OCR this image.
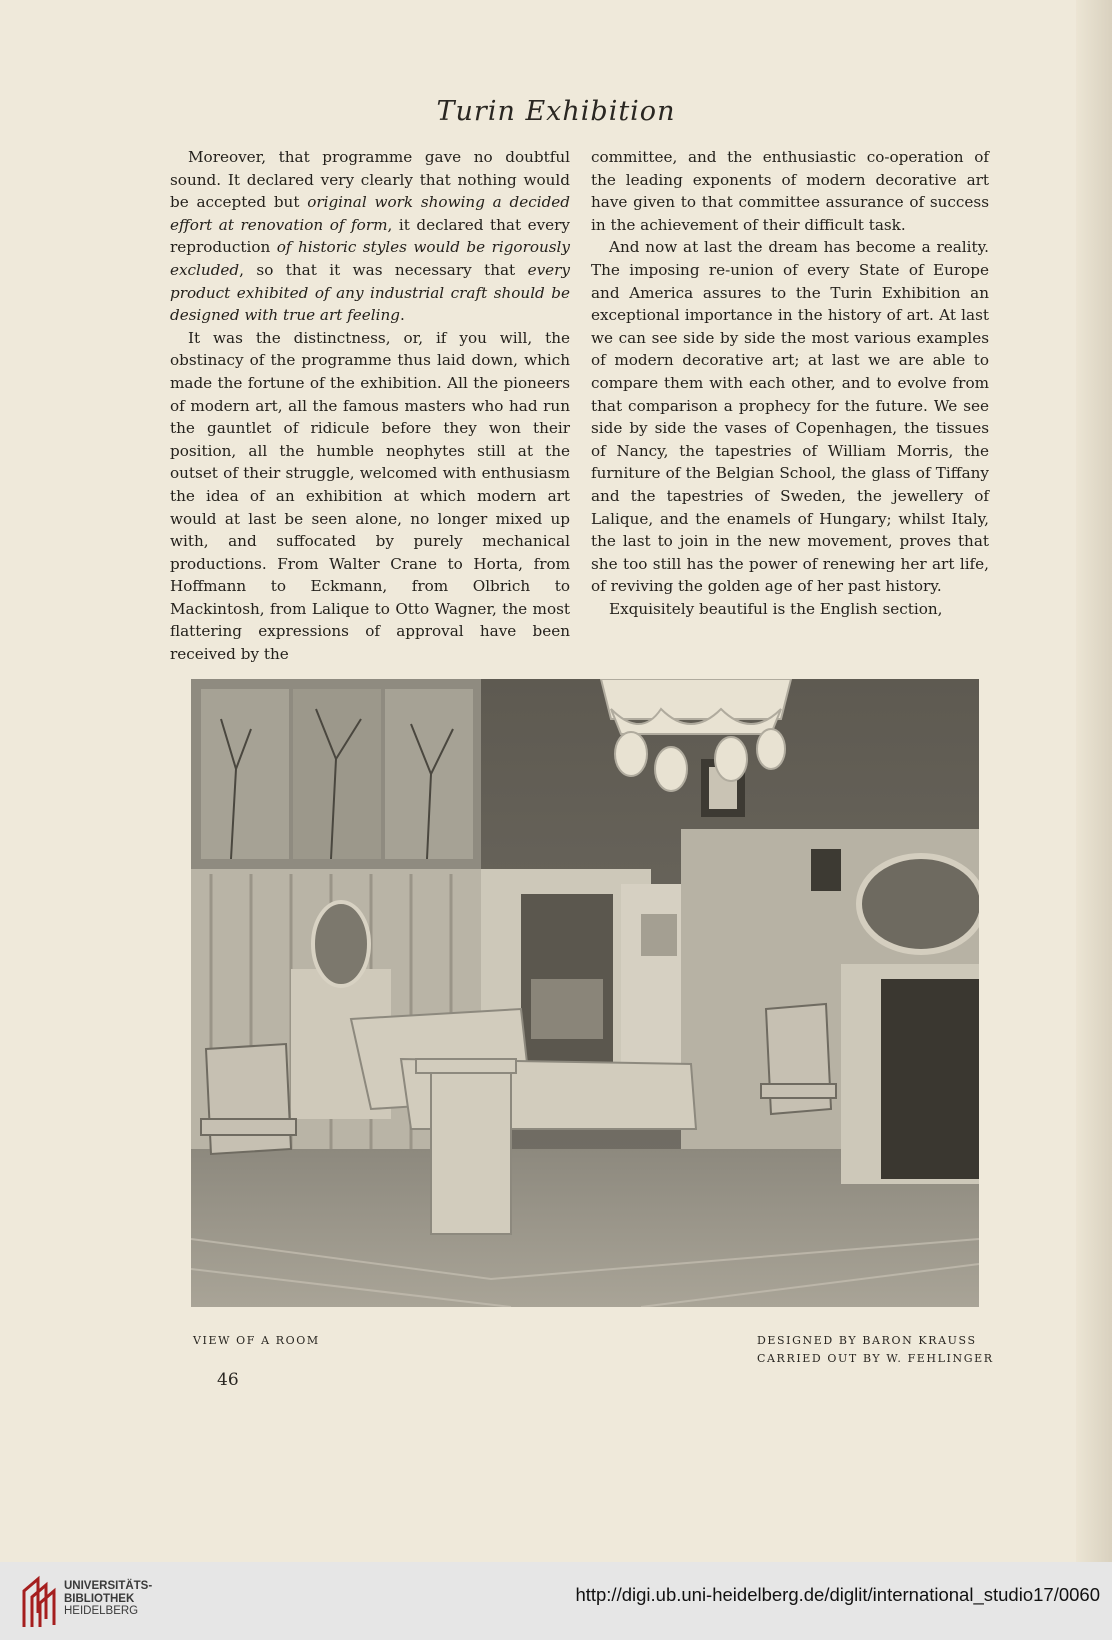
Turin Exhibition

Moreover, that programme gave no doubtful sound. It declared very clearly that nothing would be accepted but original work showing a decided effort at renovation of form, it declared that every reproduction of historic styles would be rigorously excluded, so that it was necessary that every product exhibited of any industrial craft should be designed with true art feeling.

It was the distinctness, or, if you will, the obstinacy of the programme thus laid down, which made the fortune of the exhibition. All the pioneers of modern art, all the famous masters who had run the gauntlet of ridicule before they won their position, all the humble neophytes still at the outset of their struggle, welcomed with enthusiasm the idea of an exhibition at which modern art would at last be seen alone, no longer mixed up with, and suffocated by purely mechanical productions. From Walter Crane to Horta, from Hoffmann to Eckmann, from Olbrich to Mackintosh, from Lalique to Otto Wagner, the most flattering expressions of approval have been received by the

committee, and the enthusiastic co-operation of the leading exponents of modern decorative art have given to that committee assurance of success in the achievement of their difficult task.

And now at last the dream has become a reality. The imposing re-union of every State of Europe and America assures to the Turin Exhibition an exceptional importance in the history of art. At last we can see side by side the most various examples of modern decorative art; at last we are able to compare them with each other, and to evolve from that comparison a prophecy for the future. We see side by side the vases of Copenhagen, the tissues of Nancy, the tapestries of William Morris, the furniture of the Belgian School, the glass of Tiffany and the tapestries of Sweden, the jewellery of Lalique, and the enamels of Hungary; whilst Italy, the last to join in the new movement, proves that she too still has the power of renewing her art life, of reviving the golden age of her past history.

Exquisitely beautiful is the English section,

VIEW OF A ROOM	DESIGNED BY BARON KRAUSS
CARRIED OUT BY W. FEHLINGER
46
UNIVERSITÄTS-
BIBLIOTHEK
HEIDELBERG
http://digi.ub.uni-heidelberg.de/diglit/international_studio17/0060
